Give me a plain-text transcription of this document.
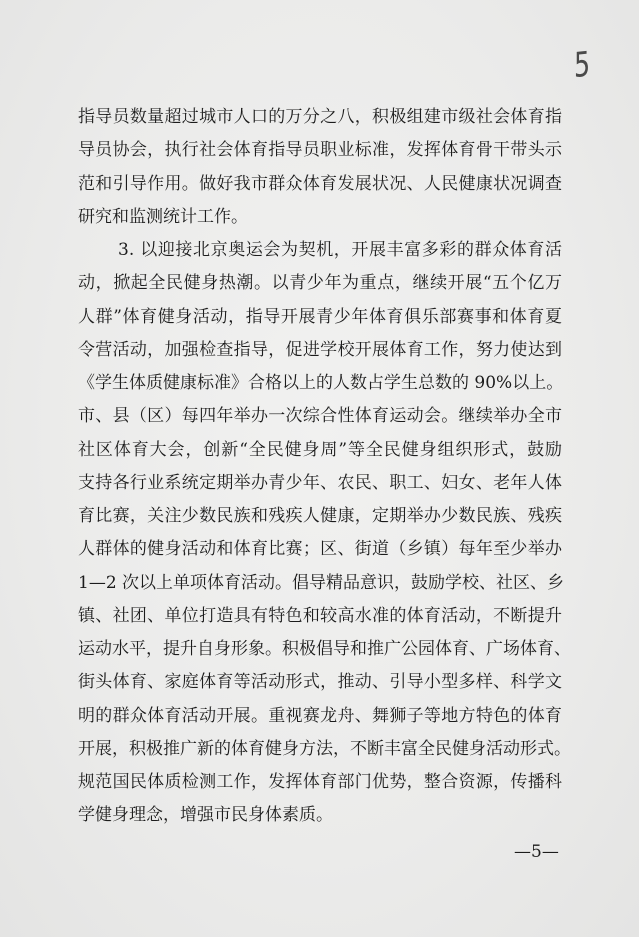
5
指导员数量超过城市人口的万分之八，积极组建市级社会体育指
导员协会，执行社会体育指导员职业标准，发挥体育骨干带头示
范和引导作用。做好我市群众体育发展状况、人民健康状况调查
研究和监测统计工作。
3. 以迎接北京奥运会为契机，开展丰富多彩的群众体育活
动，掀起全民健身热潮。以青少年为重点，继续开展“五个亿万
人群”体育健身活动，指导开展青少年体育俱乐部赛事和体育夏
令营活动，加强检查指导，促进学校开展体育工作，努力使达到
《学生体质健康标准》合格以上的人数占学生总数的 90%以上。
市、县（区）每四年举办一次综合性体育运动会。继续举办全市
社区体育大会，创新“全民健身周”等全民健身组织形式，鼓励
支持各行业系统定期举办青少年、农民、职工、妇女、老年人体
育比赛，关注少数民族和残疾人健康，定期举办少数民族、残疾
人群体的健身活动和体育比赛；区、街道（乡镇）每年至少举办
1—2 次以上单项体育活动。倡导精品意识，鼓励学校、社区、乡
镇、社团、单位打造具有特色和较高水准的体育活动，不断提升
运动水平，提升自身形象。积极倡导和推广公园体育、广场体育、
街头体育、家庭体育等活动形式，推动、引导小型多样、科学文
明的群众体育活动开展。重视赛龙舟、舞狮子等地方特色的体育
开展，积极推广新的体育健身方法，不断丰富全民健身活动形式。
规范国民体质检测工作，发挥体育部门优势，整合资源，传播科
学健身理念，增强市民身体素质。
—5—
